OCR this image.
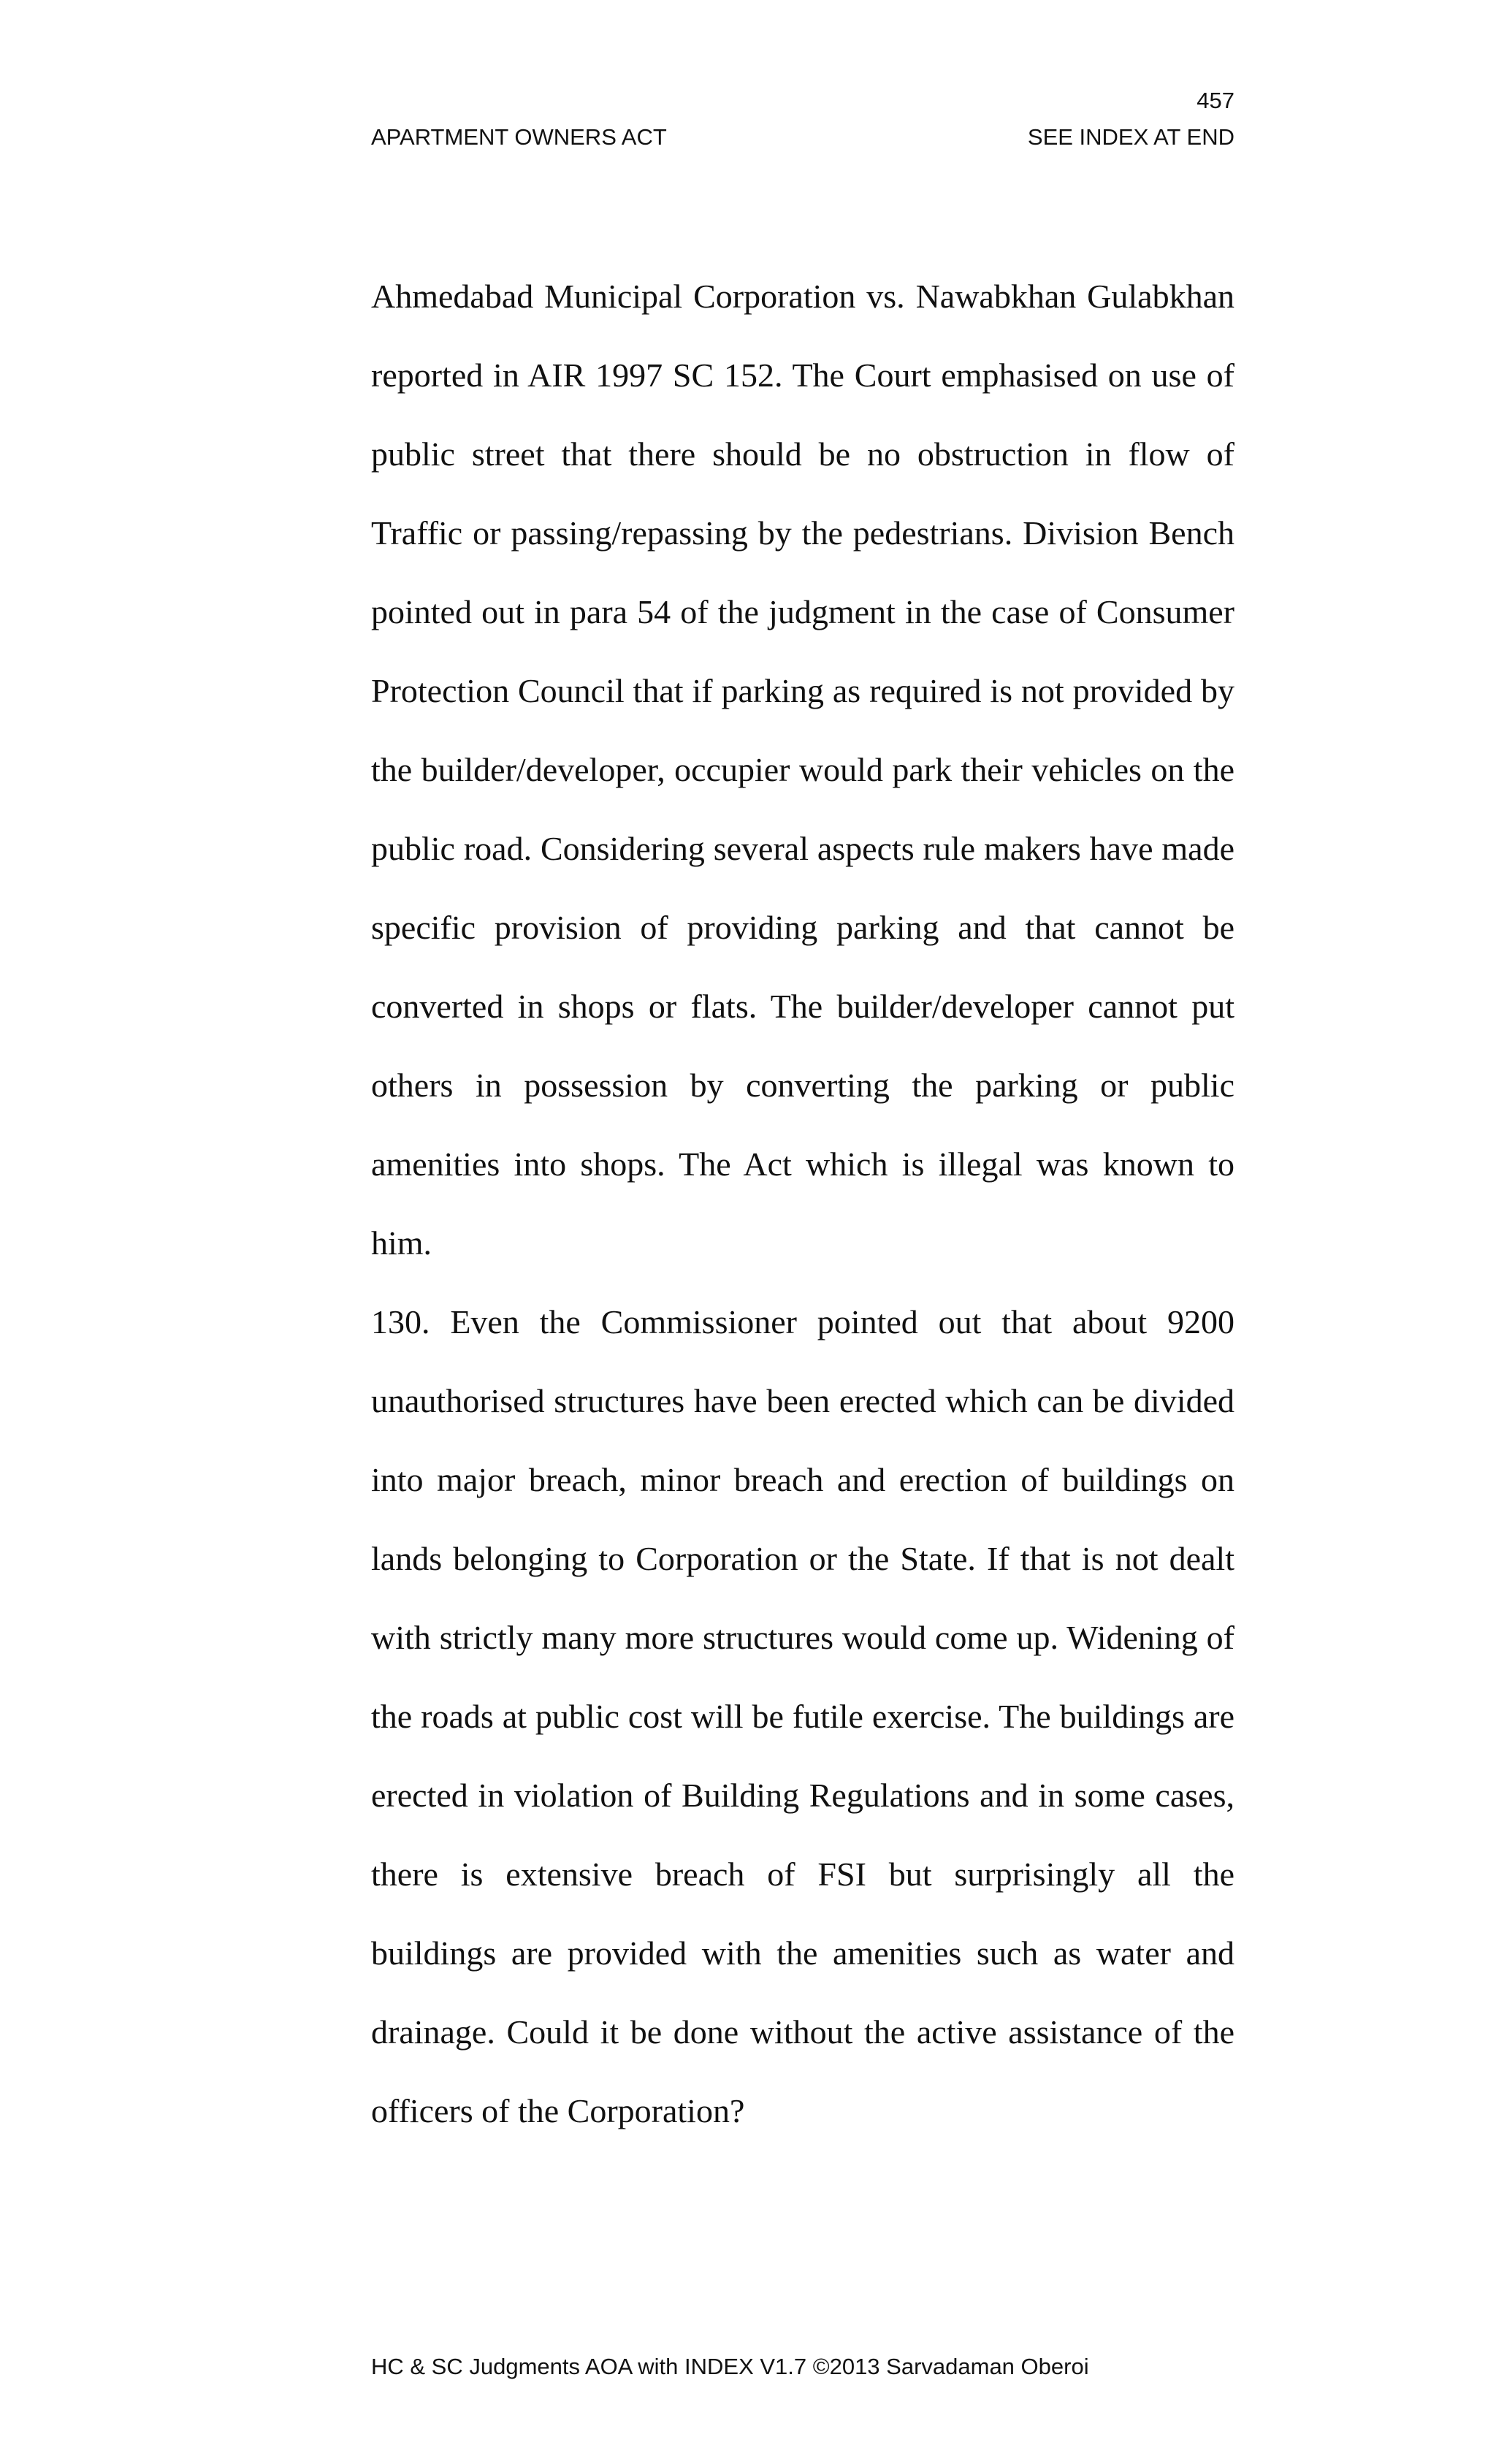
457
APARTMENT OWNERS ACT	SEE INDEX AT END

Ahmedabad Municipal Corporation vs. Nawabkhan Gulabkhan reported in AIR 1997 SC 152. The Court emphasised on use of public street that there should be no obstruction in flow of Traffic or passing/repassing by the pedestrians. Division Bench pointed out in para 54 of the judgment in the case of Consumer Protection Council that if parking as required is not provided by the builder/developer, occupier would park their vehicles on the public road. Considering several aspects rule makers have made specific provision of providing parking and that cannot be converted in shops or flats. The builder/developer cannot put others in possession by converting the parking or public amenities into shops. The Act which is illegal was known to him.

130. Even the Commissioner pointed out that about 9200 unauthorised structures have been erected which can be divided into major breach, minor breach and erection of buildings on lands belonging to Corporation or the State. If that is not dealt with strictly many more structures would come up. Widening of the roads at public cost will be futile exercise. The buildings are erected in violation of Building Regulations and in some cases, there is extensive breach of FSI but surprisingly all the buildings are provided with the amenities such as water and drainage. Could it be done without the active assistance of the officers of the Corporation?

HC & SC Judgments AOA with INDEX V1.7 ©2013 Sarvadaman Oberoi
